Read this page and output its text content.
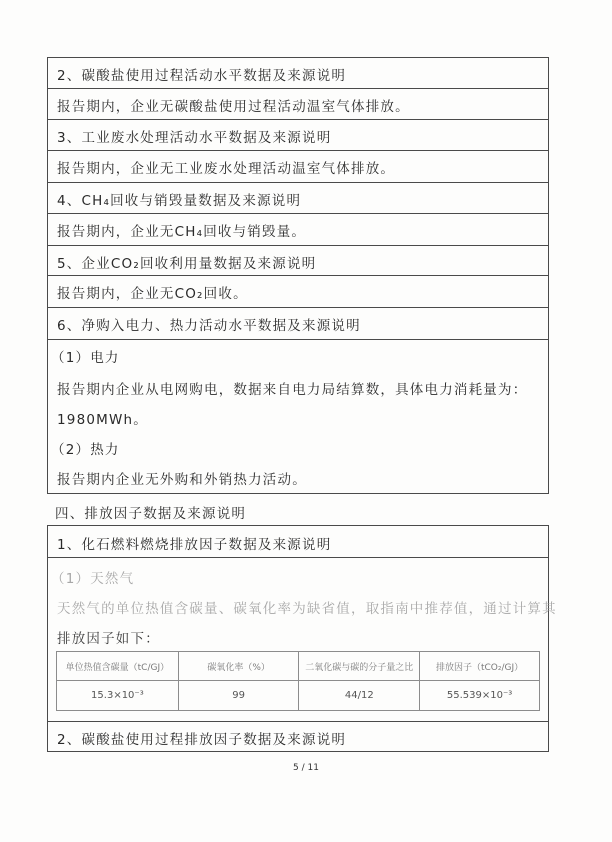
2、碳酸盐使用过程活动水平数据及来源说明
报告期内，企业无碳酸盐使用过程活动温室气体排放。
3、工业废水处理活动水平数据及来源说明
报告期内，企业无工业废水处理活动温室气体排放。
4、CH₄回收与销毁量数据及来源说明
报告期内，企业无CH₄回收与销毁量。
5、企业CO₂回收利用量数据及来源说明
报告期内，企业无CO₂回收。
6、净购入电力、热力活动水平数据及来源说明
（1）电力
报告期内企业从电网购电，数据来自电力局结算数，具体电力消耗量为：
1980MWh。
（2）热力
报告期内企业无外购和外销热力活动。
四、排放因子数据及来源说明
1、化石燃料燃烧排放因子数据及来源说明
（1）天然气
天然气的单位热值含碳量、碳氧化率为缺省值，取指南中推荐值，通过计算其
排放因子如下：
单位热值含碳量（tC/GJ）	碳氧化率（%）	二氧化碳与碳的分子量之比	排放因子（tCO₂/GJ）
15.3×10⁻³	99	44/12	55.539×10⁻³
2、碳酸盐使用过程排放因子数据及来源说明
5 / 11
